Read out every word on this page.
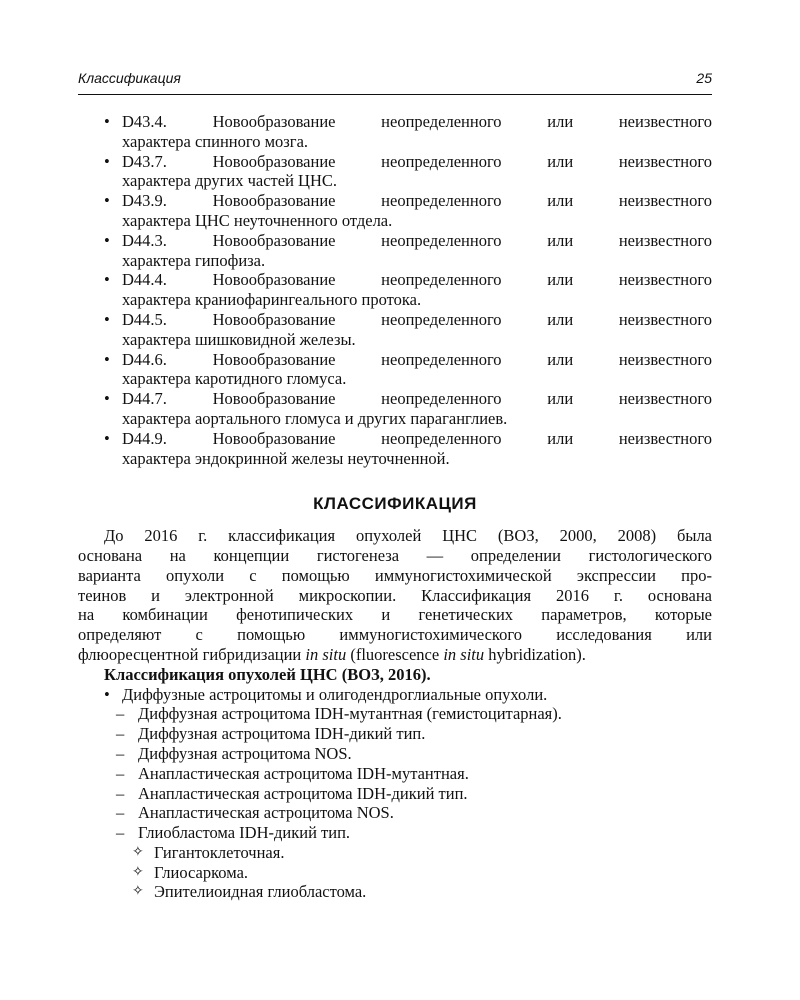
Классификация	25
• D43.4.	Новообразование	неопределенного	или	неизвестного
характера спинного мозга.
• D43.7.	Новообразование	неопределенного	или	неизвестного
характера других частей ЦНС.
• D43.9.	Новообразование	неопределенного	или	неизвестного
характера ЦНС неуточненного отдела.
• D44.3.	Новообразование	неопределенного	или	неизвестного
характера гипофиза.
• D44.4.	Новообразование	неопределенного	или	неизвестного
характера краниофарингеального протока.
• D44.5.	Новообразование	неопределенного	или	неизвестного
характера шишковидной железы.
• D44.6.	Новообразование	неопределенного	или	неизвестного
характера каротидного гломуса.
• D44.7.	Новообразование	неопределенного	или	неизвестного
характера аортального гломуса и других параганглиев.
• D44.9.	Новообразование	неопределенного	или	неизвестного
характера эндокринной железы неуточненной.
КЛАССИФИКАЦИЯ
До 2016 г. классификация опухолей ЦНС (ВОЗ, 2000, 2008) была
основана на концепции гистогенеза — определении гистологического
варианта опухоли с помощью иммуногистохимической экспрессии про-
теинов и электронной микроскопии. Классификация 2016 г. основана
на комбинации фенотипических и генетических параметров, которые
определяют с помощью иммуногистохимического исследования или
флюоресцентной гибридизации in situ (fluorescence in situ hybridization).
Классификация опухолей ЦНС (ВОЗ, 2016).
• Диффузные астроцитомы и олигодендроглиальные опухоли.
– Диффузная астроцитома IDH-мутантная (гемистоцитарная).
– Диффузная астроцитома IDH-дикий тип.
– Диффузная астроцитома NOS.
– Анапластическая астроцитома IDH-мутантная.
– Анапластическая астроцитома IDH-дикий тип.
– Анапластическая астроцитома NOS.
– Глиобластома IDH-дикий тип.
✧ Гигантоклеточная.
✧ Глиосаркома.
✧ Эпителиоидная глиобластома.
